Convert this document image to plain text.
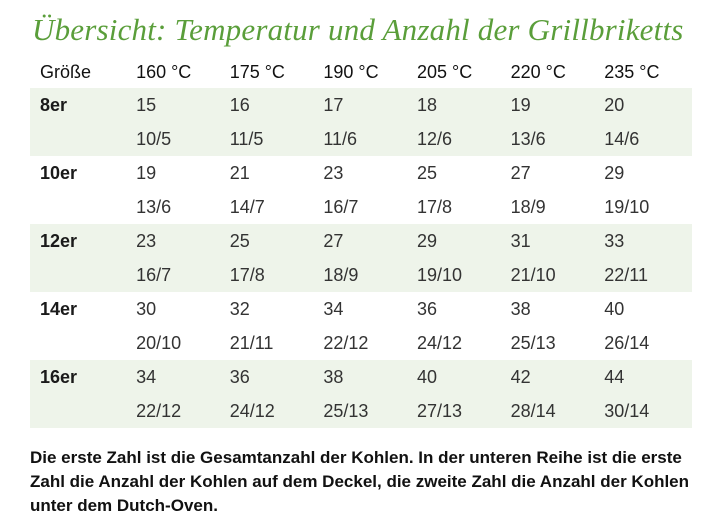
Übersicht: Temperatur und Anzahl der Grillbriketts
Größe	160 °C	175 °C	190 °C	205 °C	220 °C	235 °C
8er	15	16	17	18	19	20
	10/5	11/5	11/6	12/6	13/6	14/6
10er	19	21	23	25	27	29
	13/6	14/7	16/7	17/8	18/9	19/10
12er	23	25	27	29	31	33
	16/7	17/8	18/9	19/10	21/10	22/11
14er	30	32	34	36	38	40
	20/10	21/11	22/12	24/12	25/13	26/14
16er	34	36	38	40	42	44
	22/12	24/12	25/13	27/13	28/14	30/14
Die erste Zahl ist die Gesamtanzahl der Kohlen. In der unteren Reihe ist die erste Zahl die Anzahl der Kohlen auf dem Deckel, die zweite Zahl die Anzahl der Kohlen unter dem Dutch-Oven.
